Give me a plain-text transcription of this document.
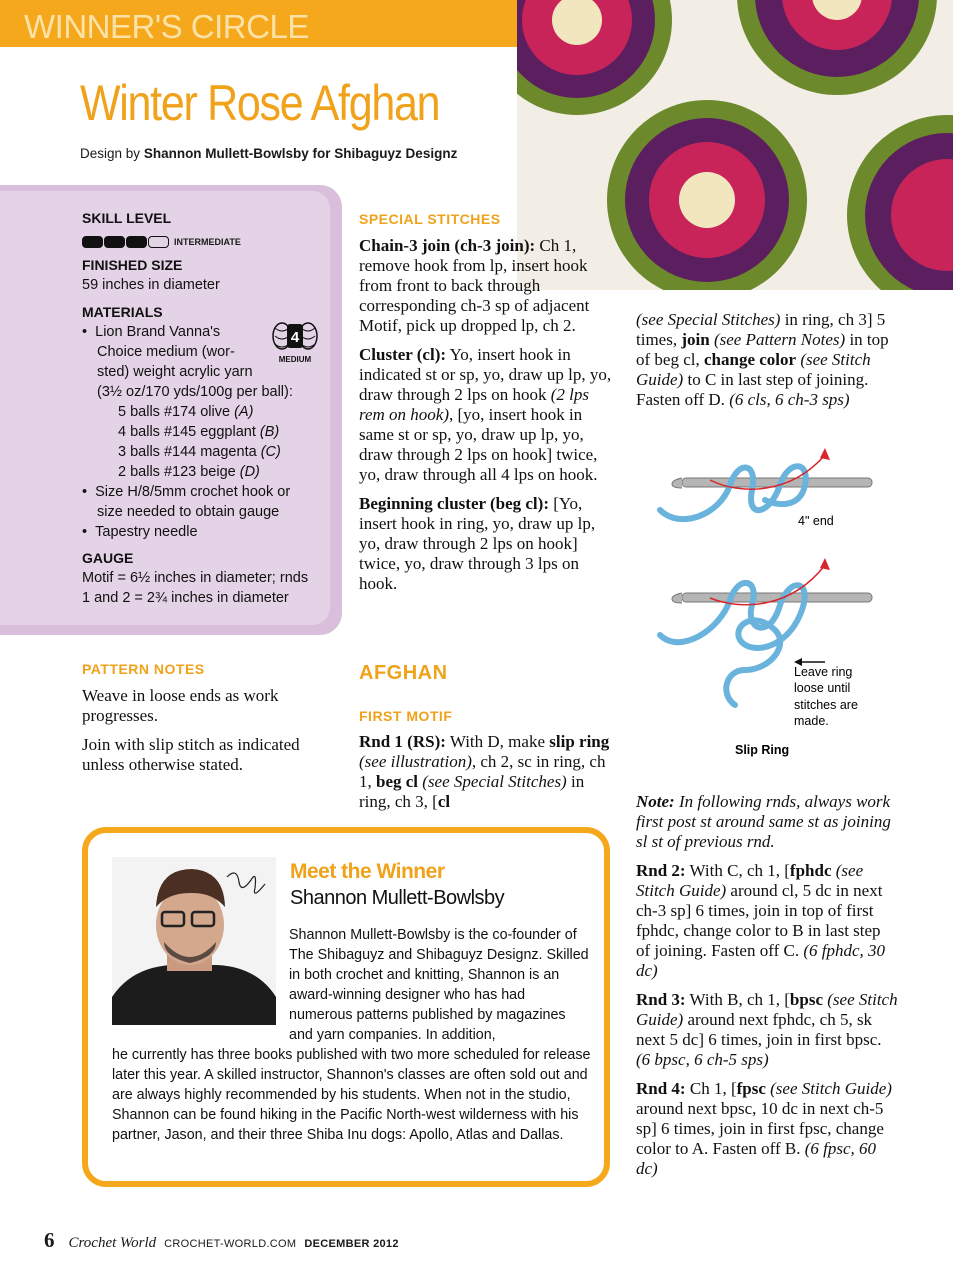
WINNER'S CIRCLE
Winter Rose Afghan
Design by Shannon Mullett-Bowlsby for Shibaguyz Designz
SKILL LEVEL
INTERMEDIATE
FINISHED SIZE
59 inches in diameter
MATERIALS
4
MEDIUM
•  Lion Brand Vanna's
Choice medium (wor-
sted) weight acrylic yarn
(3½ oz/170 yds/100g per ball):
5 balls #174 olive (A)
4 balls #145 eggplant (B)
3 balls #144 magenta (C)
2 balls #123 beige (D)
•  Size H/8/5mm crochet hook or
size needed to obtain gauge
•  Tapestry needle
GAUGE
Motif = 6½ inches in diameter; rnds
1 and 2 = 2¾ inches in diameter
PATTERN NOTES

Weave in loose ends as work progresses.

Join with slip stitch as indicated unless otherwise stated.

SPECIAL STITCHES

Chain-3 join (ch-3 join): Ch 1, remove hook from lp, insert hook from front to back through corresponding ch-3 sp of adjacent Motif, pick up dropped lp, ch 2.

Cluster (cl): Yo, insert hook in indicated st or sp, yo, draw up lp, yo, draw through 2 lps on hook (2 lps rem on hook), [yo, insert hook in same st or sp, yo, draw up lp, yo, draw through 2 lps on hook] twice, yo, draw through all 4 lps on hook.

Beginning cluster (beg cl): [Yo, insert hook in ring, yo, draw up lp, yo, draw through 2 lps on hook] twice, yo, draw through 3 lps on hook.

AFGHAN
FIRST MOTIF

Rnd 1 (RS): With D, make slip ring (see illustration), ch 2, sc in ring, ch 1, beg cl (see Special Stitches) in ring, ch 3, [cl

(see Special Stitches) in ring, ch 3] 5 times, join (see Pattern Notes) in top of beg cl, change color (see Stitch Guide) to C in last step of joining. Fasten off D. (6 cls, 6 ch-3 sps)

4" end
Leave ring
loose until
stitches are
made.
Slip Ring

Note: In following rnds, always work first post st around same st as joining sl st of previous rnd.

Rnd 2: With C, ch 1, [fphdc (see Stitch Guide) around cl, 5 dc in next ch-3 sp] 6 times, join in top of first fphdc, change color to B in last step of joining. Fasten off C. (6 fphdc, 30 dc)

Rnd 3: With B, ch 1, [bpsc (see Stitch Guide) around next fphdc, ch 5, sk next 5 dc] 6 times, join in first bpsc. (6 bpsc, 6 ch-5 sps)

Rnd 4: Ch 1, [fpsc (see Stitch Guide) around next bpsc, 10 dc in next ch-5 sp] 6 times, join in first fpsc, change color to A. Fasten off B. (6 fpsc, 60 dc)

Meet the Winner
Shannon Mullett-Bowlsby
Shannon Mullett-Bowlsby is the co-founder of The Shibaguyz and Shibaguyz Designz. Skilled in both crochet and knitting, Shannon is an award-winning designer who has had numerous patterns published by magazines and yarn companies. In addition,
he currently has three books published with two more scheduled for release later this year. A skilled instructor, Shannon's classes are often sold out and are always highly recommended by his students. When not in the studio, Shannon can be found hiking in the Pacific North-west wilderness with his partner, Jason, and their three Shiba Inu dogs: Apollo, Atlas and Dallas.
6 Crochet World CROCHET-WORLD.COM DECEMBER 2012
